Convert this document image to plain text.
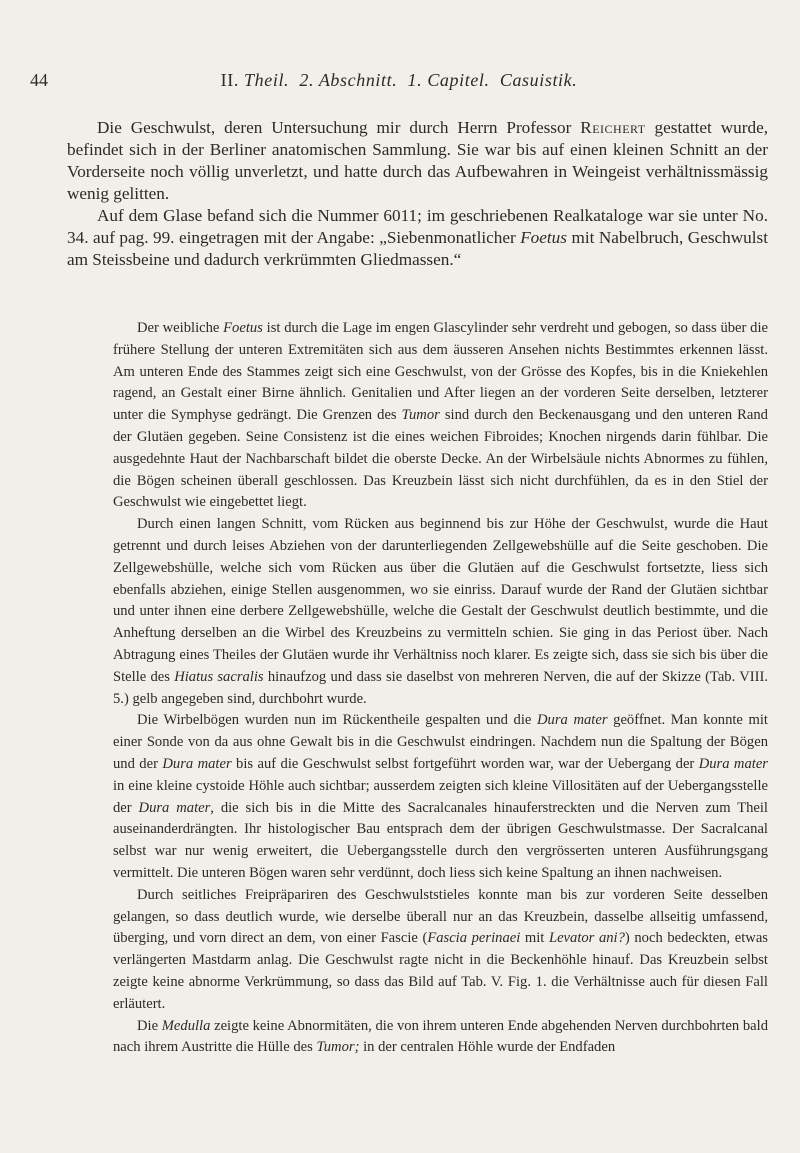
44	II. Theil. 2. Abschnitt. 1. Capitel. Casuistik.

Die Geschwulst, deren Untersuchung mir durch Herrn Professor Reichert gestattet wurde, befindet sich in der Berliner anatomischen Sammlung. Sie war bis auf einen kleinen Schnitt an der Vorderseite noch völlig unverletzt, und hatte durch das Aufbewahren in Weingeist verhältnissmässig wenig gelitten.

Auf dem Glase befand sich die Nummer 6011; im geschriebenen Realkataloge war sie unter No. 34. auf pag. 99. eingetragen mit der Angabe: „Siebenmonatlicher Foetus mit Nabelbruch, Geschwulst am Steissbeine und dadurch verkrümmten Gliedmassen.“

Der weibliche Foetus ist durch die Lage im engen Glascylinder sehr verdreht und gebogen, so dass über die frühere Stellung der unteren Extremitäten sich aus dem äusseren Ansehen nichts Bestimmtes erkennen lässt. Am unteren Ende des Stammes zeigt sich eine Geschwulst, von der Grösse des Kopfes, bis in die Kniekehlen ragend, an Gestalt einer Birne ähnlich. Genitalien und After liegen an der vorderen Seite derselben, letzterer unter die Symphyse gedrängt. Die Grenzen des Tumor sind durch den Beckenausgang und den unteren Rand der Glutäen gegeben. Seine Consistenz ist die eines weichen Fibroides; Knochen nirgends darin fühlbar. Die ausgedehnte Haut der Nachbarschaft bildet die oberste Decke. An der Wirbelsäule nichts Abnormes zu fühlen, die Bögen scheinen überall geschlossen. Das Kreuzbein lässt sich nicht durchfühlen, da es in den Stiel der Geschwulst wie eingebettet liegt.

Durch einen langen Schnitt, vom Rücken aus beginnend bis zur Höhe der Geschwulst, wurde die Haut getrennt und durch leises Abziehen von der darunterliegenden Zellgewebshülle auf die Seite geschoben. Die Zellgewebshülle, welche sich vom Rücken aus über die Glutäen auf die Geschwulst fortsetzte, liess sich ebenfalls abziehen, einige Stellen ausgenommen, wo sie einriss. Darauf wurde der Rand der Glutäen sichtbar und unter ihnen eine derbere Zellgewebshülle, welche die Gestalt der Geschwulst deutlich bestimmte, und die Anheftung derselben an die Wirbel des Kreuzbeins zu vermitteln schien. Sie ging in das Periost über. Nach Abtragung eines Theiles der Glutäen wurde ihr Verhältniss noch klarer. Es zeigte sich, dass sie sich bis über die Stelle des Hiatus sacralis hinaufzog und dass sie daselbst von mehreren Nerven, die auf der Skizze (Tab. VIII. 5.) gelb angegeben sind, durchbohrt wurde.

Die Wirbelbögen wurden nun im Rückentheile gespalten und die Dura mater geöffnet. Man konnte mit einer Sonde von da aus ohne Gewalt bis in die Geschwulst eindringen. Nachdem nun die Spaltung der Bögen und der Dura mater bis auf die Geschwulst selbst fortgeführt worden war, war der Uebergang der Dura mater in eine kleine cystoide Höhle auch sichtbar; ausserdem zeigten sich kleine Villositäten auf der Uebergangsstelle der Dura mater, die sich bis in die Mitte des Sacralcanales hinauferstreckten und die Nerven zum Theil auseinanderdrängten. Ihr histologischer Bau entsprach dem der übrigen Geschwulstmasse. Der Sacralcanal selbst war nur wenig erweitert, die Uebergangsstelle durch den vergrösserten unteren Ausführungsgang vermittelt. Die unteren Bögen waren sehr verdünnt, doch liess sich keine Spaltung an ihnen nachweisen.

Durch seitliches Freipräpariren des Geschwulststieles konnte man bis zur vorderen Seite desselben gelangen, so dass deutlich wurde, wie derselbe überall nur an das Kreuzbein, dasselbe allseitig umfassend, überging, und vorn direct an dem, von einer Fascie (Fascia perinaei mit Levator ani?) noch bedeckten, etwas verlängerten Mastdarm anlag. Die Geschwulst ragte nicht in die Beckenhöhle hinauf. Das Kreuzbein selbst zeigte keine abnorme Verkrümmung, so dass das Bild auf Tab. V. Fig. 1. die Verhältnisse auch für diesen Fall erläutert.

Die Medulla zeigte keine Abnormitäten, die von ihrem unteren Ende abgehenden Nerven durchbohrten bald nach ihrem Austritte die Hülle des Tumor; in der centralen Höhle wurde der Endfaden
